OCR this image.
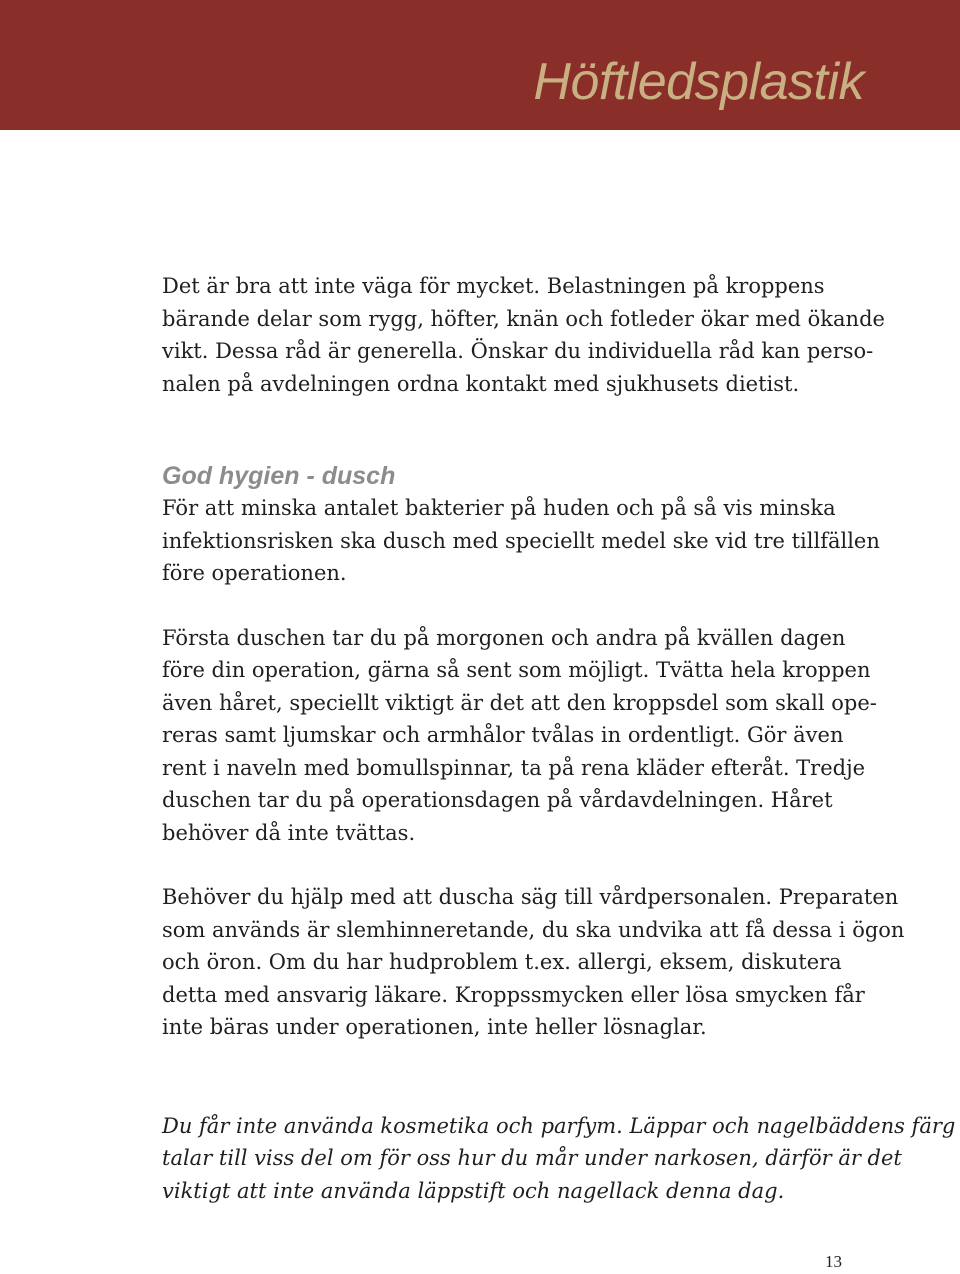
Höftledsplastik

Det är bra att inte väga för mycket. Belastningen på kroppens
bärande delar som rygg, höfter, knän och fotleder ökar med ökande
vikt. Dessa råd är generella. Önskar du individuella råd kan perso-
nalen på avdelningen ordna kontakt med sjukhusets dietist.

God hygien - dusch

För att minska antalet bakterier på huden och på så vis minska
infektionsrisken ska dusch med speciellt medel ske vid tre tillfällen
före operationen.

Första duschen tar du på morgonen och andra på kvällen dagen
före din operation, gärna så sent som möjligt. Tvätta hela kroppen
även håret, speciellt viktigt är det att den kroppsdel som skall ope-
reras samt ljumskar och armhålor tvålas in ordentligt. Gör även
rent i naveln med bomullspinnar, ta på rena kläder efteråt. Tredje
duschen tar du på operationsdagen på vårdavdelningen. Håret
behöver då inte tvättas.

Behöver du hjälp med att duscha säg till vårdpersonalen. Preparaten
som används är slemhinneretande, du ska undvika att få dessa i ögon
och öron. Om du har hudproblem t.ex. allergi, eksem, diskutera
detta med ansvarig läkare. Kroppssmycken eller lösa smycken får
inte bäras under operationen, inte heller lösnaglar.

Du får inte använda kosmetika och parfym. Läppar och nagelbäddens färg
talar till viss del om för oss hur du mår under narkosen, därför är det
viktigt att inte använda läppstift och nagellack denna dag.

13
